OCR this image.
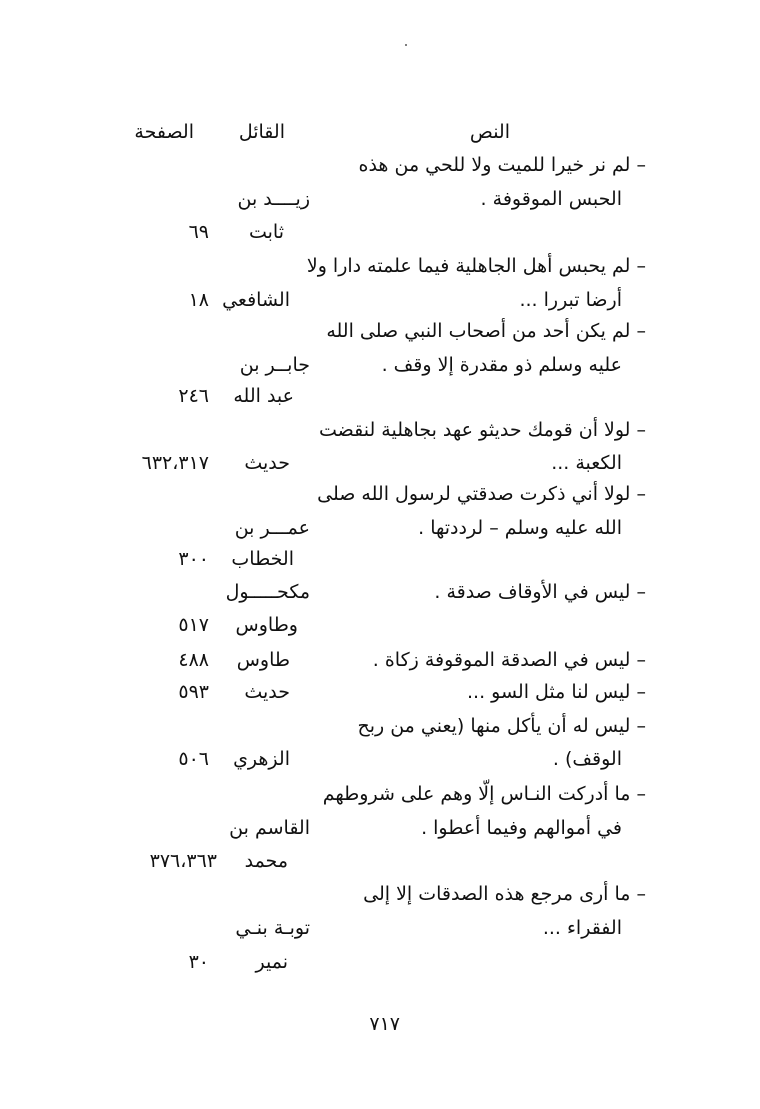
النص
القائل
الصفحة
– لم نر خيرا للميت ولا للحي من هذه
الحبس الموقوفة .
زيــــد بن
ثابت
٦٩
– لم يحبس أهل الجاهلية فيما علمته دارا ولا
أرضا تبررا ...
الشافعي
١٨
– لم يكن أحد من أصحاب النبي صلى الله
عليه وسلم ذو مقدرة إلا وقف .
جابــر بن
عبد الله
٢٤٦
– لولا أن قومك حديثو عهد بجاهلية لنقضت
الكعبة ...
حديث
٦٣٢،٣١٧
– لولا أني ذكرت صدقتي لرسول الله صلى
الله عليه وسلم – لرددتها .
عمـــر بن
الخطاب
٣٠٠
– ليس في الأوقاف صدقة .
مكحـــــول
وطاوس
٥١٧
– ليس في الصدقة الموقوفة زكاة .
طاوس
٤٨٨
– ليس لنا مثل السو ...
حديث
٥٩٣
– ليس له أن يأكل منها (يعني من ربح
الوقف) .
الزهري
٥٠٦
– ما أدركت النـاس إلّا وهم على شروطهم
في أموالهم وفيما أعطوا .
القاسم بن
محمد
٣٧٦،٣٦٣
– ما أرى مرجع هذه الصدقات إلا إلى
الفقراء ...
توبـة بنـي
نمير
٣٠
٧١٧
